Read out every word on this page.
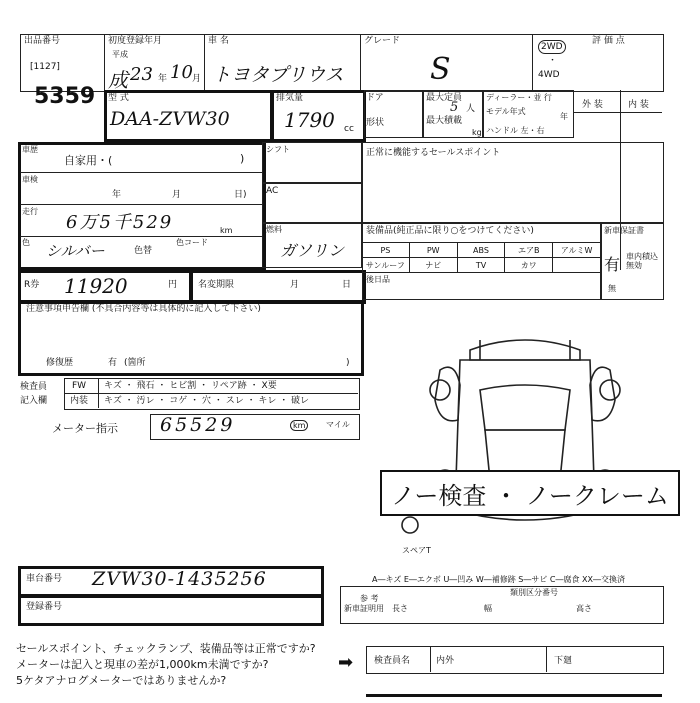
出品番号
[1127]
5359
初度登録年月
平成
成 23 年 10 月
車 名
トヨタプリウス
グレード
S
2WD
・
4WD
評 価 点
型 式
DAA-ZVW30
排気量
1790 cc
ドア
形状
最大定員
5 人
最大積載
kg
ディーラー・並 行
モデル年式
年
ハンドル 左・右
外 装	内 装
車歴
自家用・(	)
車検
年	月	日)
走行
6万5千529	km
色 シルバー	色替
色コード
シフト
AC
燃料
ガソリン
R券 11920	円 名変期限	月	日
正常に機能するセールスポイント
装備品(純正品に限り○をつけてください)
PS	PW	ABS	エアB	アルミW
サンルーフ	ナビ	TV	カワ
後日品
新車保証書
有 車内積込無効
無
注意事項申告欄 (不具合内容等は具体的に記入して下さい)
修復歴	有 (箇所	)
検査員
記入欄
FW キズ ・ 飛石 ・ ヒビ割 ・ リペア跡 ・ X要
内装 キズ ・ 汚レ ・ コゲ ・ 穴 ・ スレ ・ キレ ・ 破レ
メーター指示 65529	km	マイル
ノー検査 ・ ノークレーム
スペアT
A―キズ E―エクボ U―凹み W―補修跡 S―サビ C―腐食 XX―交換済
車台番号 ZVW30-1435256
登録番号
参 考
類別区分番号
新車証明用 長さ	幅	高さ
セールスポイント、チェックランプ、装備品等は正常ですか?
メーターは記入と現車の差が1,000km未満ですか?
5ケタアナログメーターではありませんか?
➡ 検査員名	内外	下廻
